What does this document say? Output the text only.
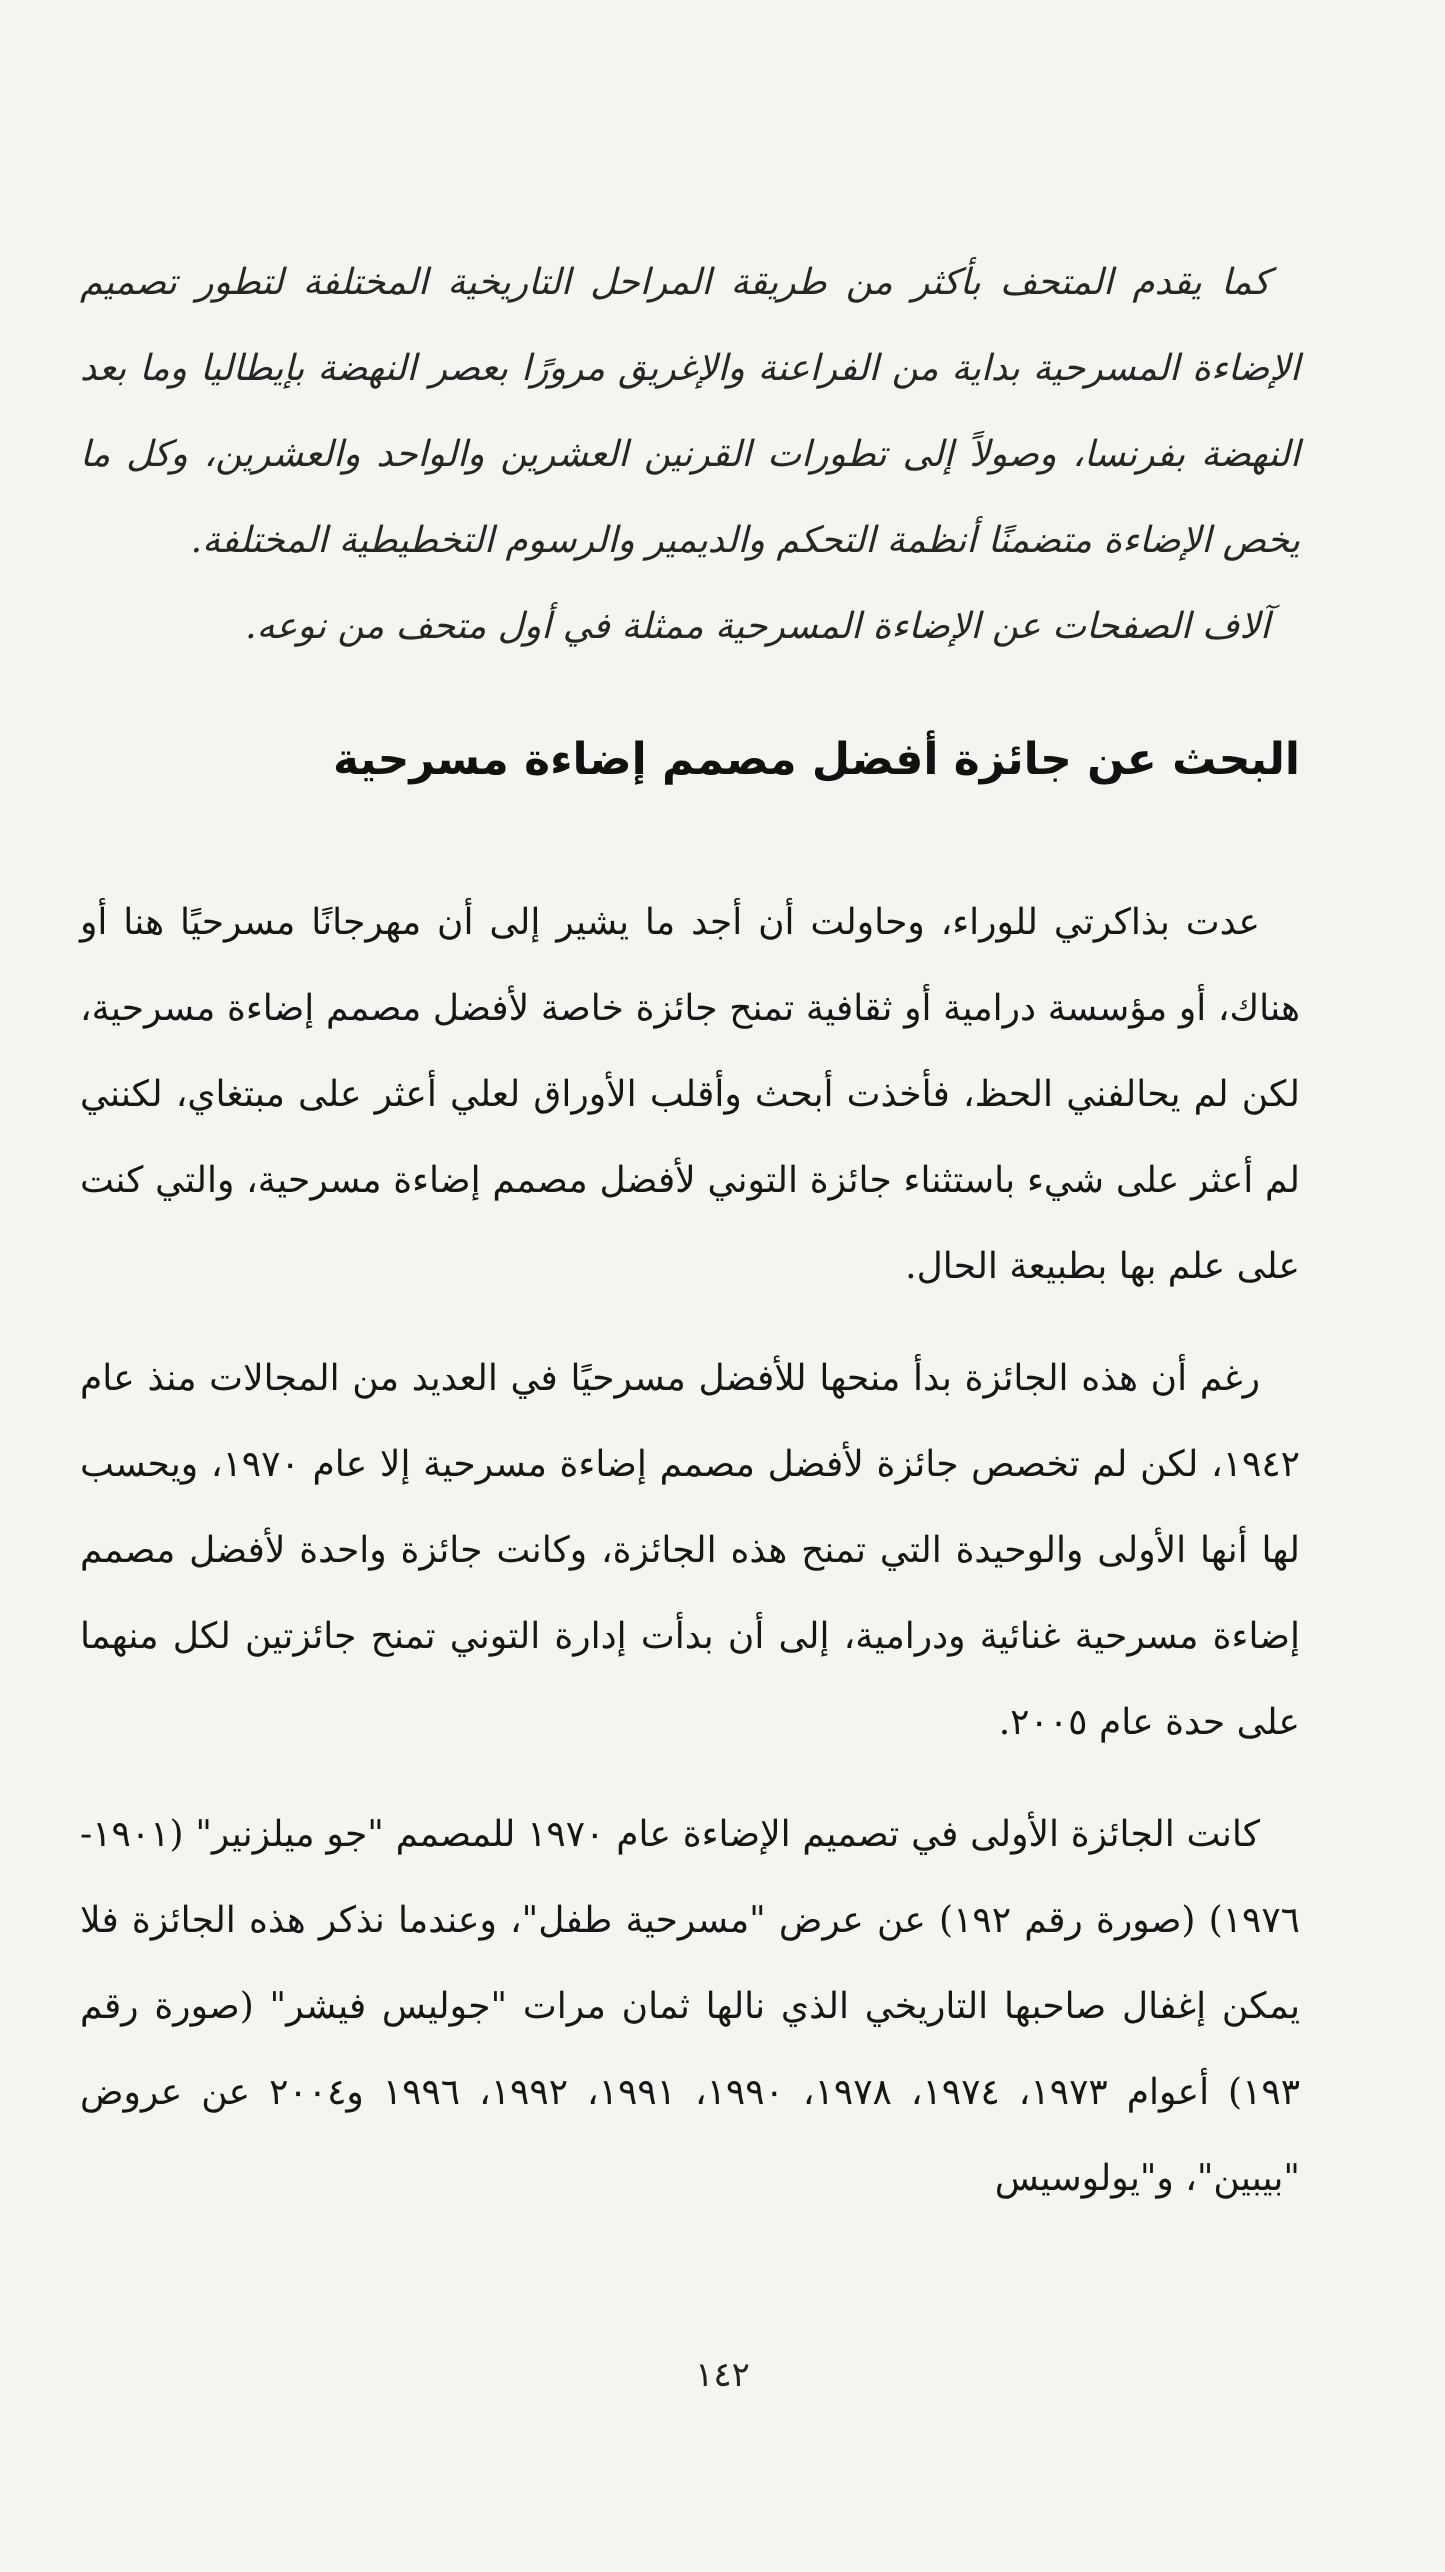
كما يقدم المتحف بأكثر من طريقة المراحل التاريخية المختلفة لتطور تصميم الإضاءة المسرحية بداية من الفراعنة والإغريق مرورًا بعصر النهضة بإيطاليا وما بعد النهضة بفرنسا، وصولاً إلى تطورات القرنين العشرين والواحد والعشرين، وكل ما يخص الإضاءة متضمنًا أنظمة التحكم والديمير والرسوم التخطيطية المختلفة.

آلاف الصفحات عن الإضاءة المسرحية ممثلة في أول متحف من نوعه.

البحث عن جائزة أفضل مصمم إضاءة مسرحية

عدت بذاكرتي للوراء، وحاولت أن أجد ما يشير إلى أن مهرجانًا مسرحيًا هنا أو هناك، أو مؤسسة درامية أو ثقافية تمنح جائزة خاصة لأفضل مصمم إضاءة مسرحية، لكن لم يحالفني الحظ، فأخذت أبحث وأقلب الأوراق لعلي أعثر على مبتغاي، لكنني لم أعثر على شيء باستثناء جائزة التوني لأفضل مصمم إضاءة مسرحية، والتي كنت على علم بها بطبيعة الحال.

رغم أن هذه الجائزة بدأ منحها للأفضل مسرحيًا في العديد من المجالات منذ عام ١٩٤٢، لكن لم تخصص جائزة لأفضل مصمم إضاءة مسرحية إلا عام ١٩٧٠، ويحسب لها أنها الأولى والوحيدة التي تمنح هذه الجائزة، وكانت جائزة واحدة لأفضل مصمم إضاءة مسرحية غنائية ودرامية، إلى أن بدأت إدارة التوني تمنح جائزتين لكل منهما على حدة عام ٢٠٠٥.

كانت الجائزة الأولى في تصميم الإضاءة عام ١٩٧٠ للمصمم "جو ميلزنير" (١٩٠١- ١٩٧٦) (صورة رقم ١٩٢) عن عرض "مسرحية طفل"، وعندما نذكر هذه الجائزة فلا يمكن إغفال صاحبها التاريخي الذي نالها ثمان مرات "جوليس فيشر" (صورة رقم ١٩٣) أعوام ١٩٧٣، ١٩٧٤، ١٩٧٨، ١٩٩٠، ١٩٩١، ١٩٩٢، ١٩٩٦ و٢٠٠٤ عن عروض "بيبين"، و"يولوسيس

١٤٢
